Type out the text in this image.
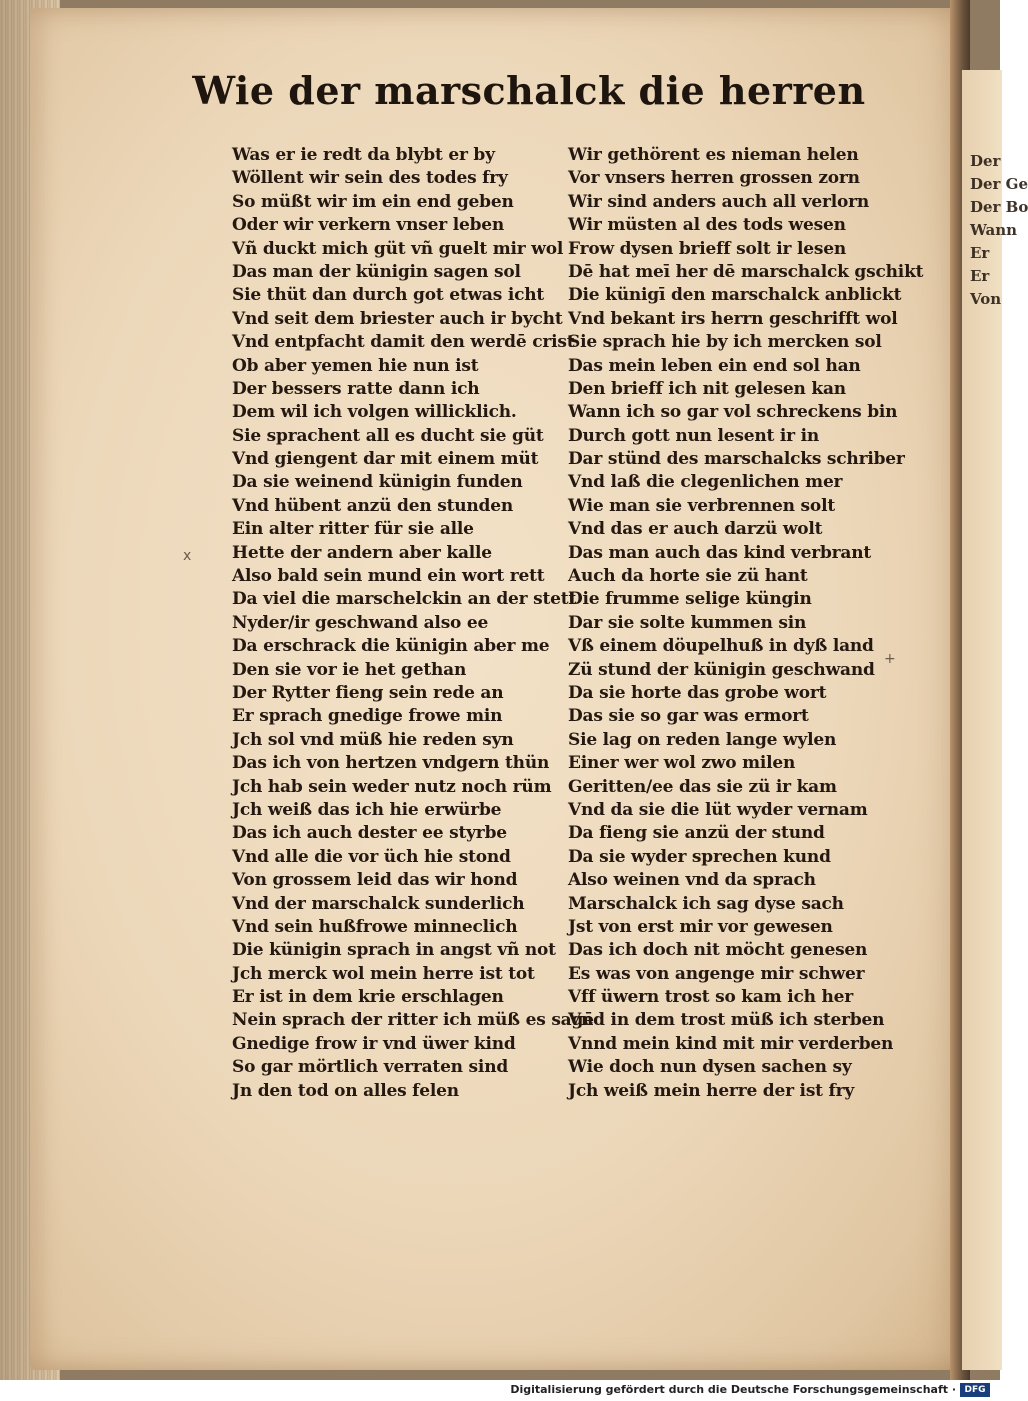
Der
Der Ge
Der Bo
Wann
Er
Er
Von
Wie der marschalck die herren
Was er ie redt da blybt er by
Wöllent wir sein des todes fry
So müßt wir im ein end geben
Oder wir verkern vnser leben
Vñ duckt mich güt vñ guelt mir wol
Das man der künigin sagen sol
Sie thüt dan durch got etwas icht
Vnd seit dem briester auch ir bycht
Vnd entpfacht damit den werdē crist
Ob aber yemen hie nun ist
Der bessers ratte dann ich
Dem wil ich volgen willicklich.
Sie sprachent all es ducht sie güt
Vnd giengent dar mit einem müt
Da sie weinend künigin funden
Vnd hübent anzü den stunden
Ein alter ritter für sie alle
Hette der andern aber kalle
Also bald sein mund ein wort rett
Da viel die marschelckin an der stett
Nyder/ir geschwand also ee
Da erschrack die künigin aber me
Den sie vor ie het gethan
Der Rytter fieng sein rede an
Er sprach gnedige frowe min
Jch sol vnd müß hie reden syn
Das ich von hertzen vndgern thün
Jch hab sein weder nutz noch rüm
Jch weiß das ich hie erwürbe
Das ich auch dester ee styrbe
Vnd alle die vor üch hie stond
Von grossem leid das wir hond
Vnd der marschalck sunderlich
Vnd sein hußfrowe minneclich
Die künigin sprach in angst vñ not
Jch merck wol mein herre ist tot
Er ist in dem krie erschlagen
Nein sprach der ritter ich müß es sagē
Gnedige frow ir vnd üwer kind
So gar mörtlich verraten sind
Jn den tod on alles felen
Wir gethörent es nieman helen
Vor vnsers herren grossen zorn
Wir sind anders auch all verlorn
Wir müsten al des tods wesen
Frow dysen brieff solt ir lesen
Dē hat meī her dē marschalck gschikt
Die künigī den marschalck anblickt
Vnd bekant irs herrn geschrifft wol
Sie sprach hie by ich mercken sol
Das mein leben ein end sol han
Den brieff ich nit gelesen kan
Wann ich so gar vol schreckens bin
Durch gott nun lesent ir in
Dar stünd des marschalcks schriber
Vnd laß die clegenlichen mer
Wie man sie verbrennen solt
Vnd das er auch darzü wolt
Das man auch das kind verbrant
Auch da horte sie zü hant
Die frumme selige küngin
Dar sie solte kummen sin
Vß einem döupelhuß in dyß land
Zü stund der künigin geschwand
Da sie horte das grobe wort
Das sie so gar was ermort
Sie lag on reden lange wylen
Einer wer wol zwo milen
Geritten/ee das sie zü ir kam
Vnd da sie die lüt wyder vernam
Da fieng sie anzü der stund
Da sie wyder sprechen kund
Also weinen vnd da sprach
Marschalck ich sag dyse sach
Jst von erst mir vor gewesen
Das ich doch nit möcht genesen
Es was von angenge mir schwer
Vff üwern trost so kam ich her
Vnd in dem trost müß ich sterben
Vnnd mein kind mit mir verderben
Wie doch nun dysen sachen sy
Jch weiß mein herre der ist fry
x
+
Digitalisierung gefördert durch die Deutsche Forschungsgemeinschaft · DFG
